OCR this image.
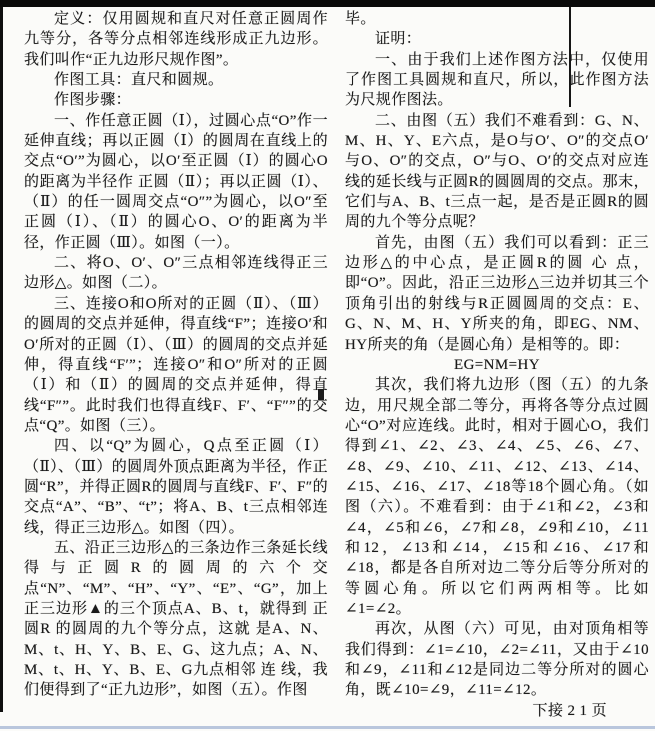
定义：仅用圆规和直尺对任意正圆周作九等分，各等分点相邻连线形成正九边形。我们叫作“正九边形尺规作图”。

作图工具：直尺和圆规。

作图步骤：

一、作任意正圆（Ⅰ），过圆心点“O”作一延伸直线；再以正圆（Ⅰ）的圆周在直线上的交点“O′”为圆心，以O′至正圆（Ⅰ）的圆心O的距离为半径作 正圆（Ⅱ）；再以正圆（Ⅰ）、（Ⅱ）的任一圆周交点“O″”为圆心，以O″至正圆（Ⅰ）、（Ⅱ）的圆心O、O′的距离为半径，作正圆（Ⅲ）。如图（一）。

二、将O、O′、O″三点相邻连线得正三边形△。如图（二）。

三、连接O和O所对的正圆（Ⅱ）、（Ⅲ）的圆周的交点并延伸，得直线“F”；连接O′和O′所对的正圆（Ⅰ）、（Ⅲ）的圆周的交点并延伸，得直线“F′”；连接O″和O″所对的正圆（Ⅰ）和（Ⅱ）的圆周的交点并延伸，得直线“F″”。此时我们也得直线F、F′、“F″”的交点“Q”。如图（三）。

四、以“Q”为圆心，Q点至正圆（Ⅰ）（Ⅱ）、（Ⅲ）的圆周外顶点距离为半径，作正圆“R”，并得正圆R的圆周与直线F、F′、F″的交点“A”、“B”、“t”；将A、B、t三点相邻连线，得正三边形△。如图（四）。

五、沿正三边形△的三条边作三条延长线得与正圆R的圆周的六个交点“N”、“M”、“H”、“Y”、“E”、“G”，加上正三边形▲的三个顶点A、B、t，就得到 正圆R 的圆周的九个等分点，这就 是A、N、M、t、H、Y、B、E、G、这九点；A、N、M、t、H、Y、B、E、G九点相邻 连 线，我 们便得到了“正九边形”，如图（五）。作图

毕。

证明：

一、由于我们上述作图方法中，仅使用了作图工具圆规和直尺，所以，此作图方法为尺规作图法。

二、由图（五）我们不难看到：G、N、M、H、Y、E六点，是O与O′、O″的交点O′与O、O″的交点，O″与O、O′的交点对应连线的延长线与正圆R的圆圆周的交点。那末，它们与A、B、t三点一起，是否是正圆R的圆周的九个等分点呢？

首先，由图（五）我们可以看到：正三边形△的中心点，是正圆R的圆 心 点，即“O”。因此，沿正三边形△三边并切其三个顶角引出的射线与R正圆圆周的交点：E、G、N、M、H、Y所夹的角，即EG、NM、HY所夹的角（是圆心角）是相等的。即：

EG=NM=HY

其次，我们将九边形（图（五）的九条边，用尺规全部二等分，再将各等分点过圆心“O”对应连线。此时，相对于圆心O，我们得到∠1、∠2、∠3、∠4、∠5、∠6、∠7、∠8、∠9、∠10、∠11、∠12、∠13、∠14、∠15、∠16、∠17、∠18等18个圆心角。（如图（六）。不难看到：由于∠1和∠2，∠3和∠4，∠5和∠6，∠7和∠8，∠9和∠10，∠11和12，∠13和∠14，∠15和∠16、∠17和∠18，都是各自所对边二等分后等分所对的等圆心角。所以它们两两相等。比如∠1=∠2。

再次，从图（六）可见，由对顶角相等我们得到：∠1=∠10，∠2=∠11，又由于∠10和∠9，∠11和∠12是同边二等分所对的圆心角，既∠10=∠9，∠11=∠12。

下接 2 1 页
